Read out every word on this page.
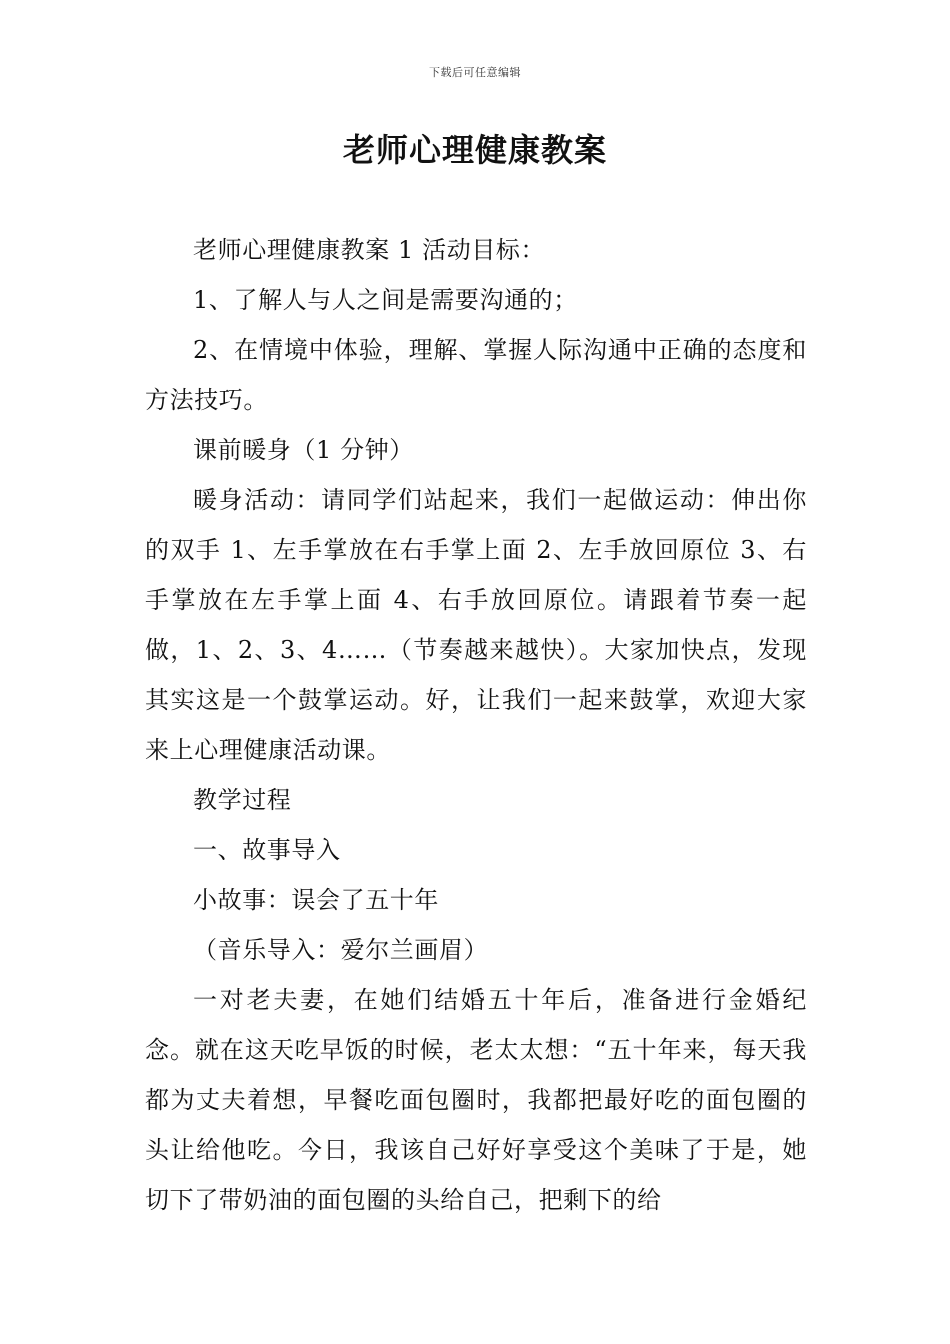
下载后可任意编辑
老师心理健康教案

老师心理健康教案 1 活动目标：

1、了解人与人之间是需要沟通的；

2、在情境中体验，理解、掌握人际沟通中正确的态度和方法技巧。

课前暖身（1 分钟）

暖身活动：请同学们站起来，我们一起做运动：伸出你的双手 1、左手掌放在右手掌上面 2、左手放回原位 3、右手掌放在左手掌上面 4、右手放回原位。请跟着节奏一起做，1、2、3、4……（节奏越来越快）。大家加快点，发现其实这是一个鼓掌运动。好，让我们一起来鼓掌，欢迎大家来上心理健康活动课。

教学过程

一、故事导入

小故事：误会了五十年

（音乐导入：爱尔兰画眉）

一对老夫妻，在她们结婚五十年后，准备进行金婚纪念。就在这天吃早饭的时候，老太太想：“五十年来，每天我都为丈夫着想，早餐吃面包圈时，我都把最好吃的面包圈的头让给他吃。今日，我该自己好好享受这个美味了于是，她切下了带奶油的面包圈的头给自己，把剩下的给
